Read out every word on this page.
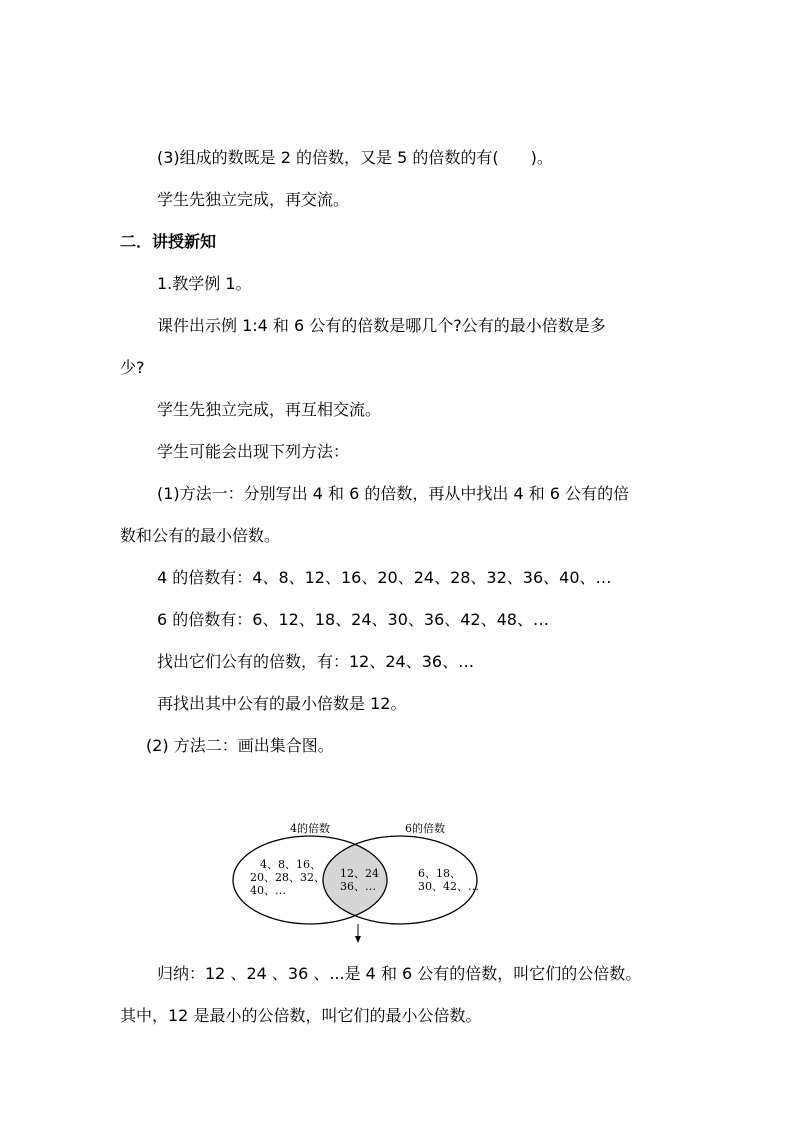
(3)组成的数既是 2 的倍数，又是 5 的倍数的有(　　)。
学生先独立完成，再交流。
二．讲授新知
1.教学例 1。
课件出示例 1:4 和 6 公有的倍数是哪几个?公有的最小倍数是多
少?
学生先独立完成，再互相交流。
学生可能会出现下列方法：
(1)方法一：分别写出 4 和 6 的倍数，再从中找出 4 和 6 公有的倍
数和公有的最小倍数。
4 的倍数有：4、8、12、16、20、24、28、32、36、40、…
6 的倍数有：6、12、18、24、30、36、42、48、…
找出它们公有的倍数，有：12、24、36、…
再找出其中公有的最小倍数是 12。
(2) 方法二：画出集合图。
4的倍数	6的倍数
4、8、16、
20、28、32、
40、…
12、24
36、…
6、18、
30、42、…
归纳：12 、24 、36 、...是 4 和 6 公有的倍数，叫它们的公倍数。
其中，12 是最小的公倍数，叫它们的最小公倍数。
